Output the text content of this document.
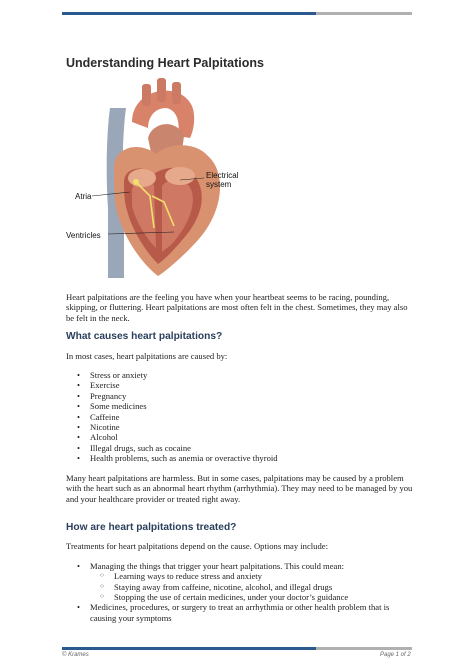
Understanding Heart Palpitations
Electrical system
Atria
Ventricles

Heart palpitations are the feeling you have when your heartbeat seems to be racing, pounding, skipping, or fluttering. Heart palpitations are most often felt in the chest. Sometimes, they may also be felt in the neck.

What causes heart palpitations?

In most cases, heart palpitations are caused by:

• Stress or anxiety
• Exercise
• Pregnancy
• Some medicines
• Caffeine
• Nicotine
• Alcohol
• Illegal drugs, such as cocaine
• Health problems, such as anemia or overactive thyroid

Many heart palpitations are harmless. But in some cases, palpitations may be caused by a problem with the heart such as an abnormal heart rhythm (arrhythmia). They may need to be managed by you and your healthcare provider or treated right away.

How are heart palpitations treated?

Treatments for heart palpitations depend on the cause. Options may include:

• Managing the things that trigger your heart palpitations. This could mean:
○ Learning ways to reduce stress and anxiety
○ Staying away from caffeine, nicotine, alcohol, and illegal drugs
○ Stopping the use of certain medicines, under your doctor’s guidance
• Medicines, procedures, or surgery to treat an arrhythmia or other health problem that is causing your symptoms
© Krames	Page 1 of 2
